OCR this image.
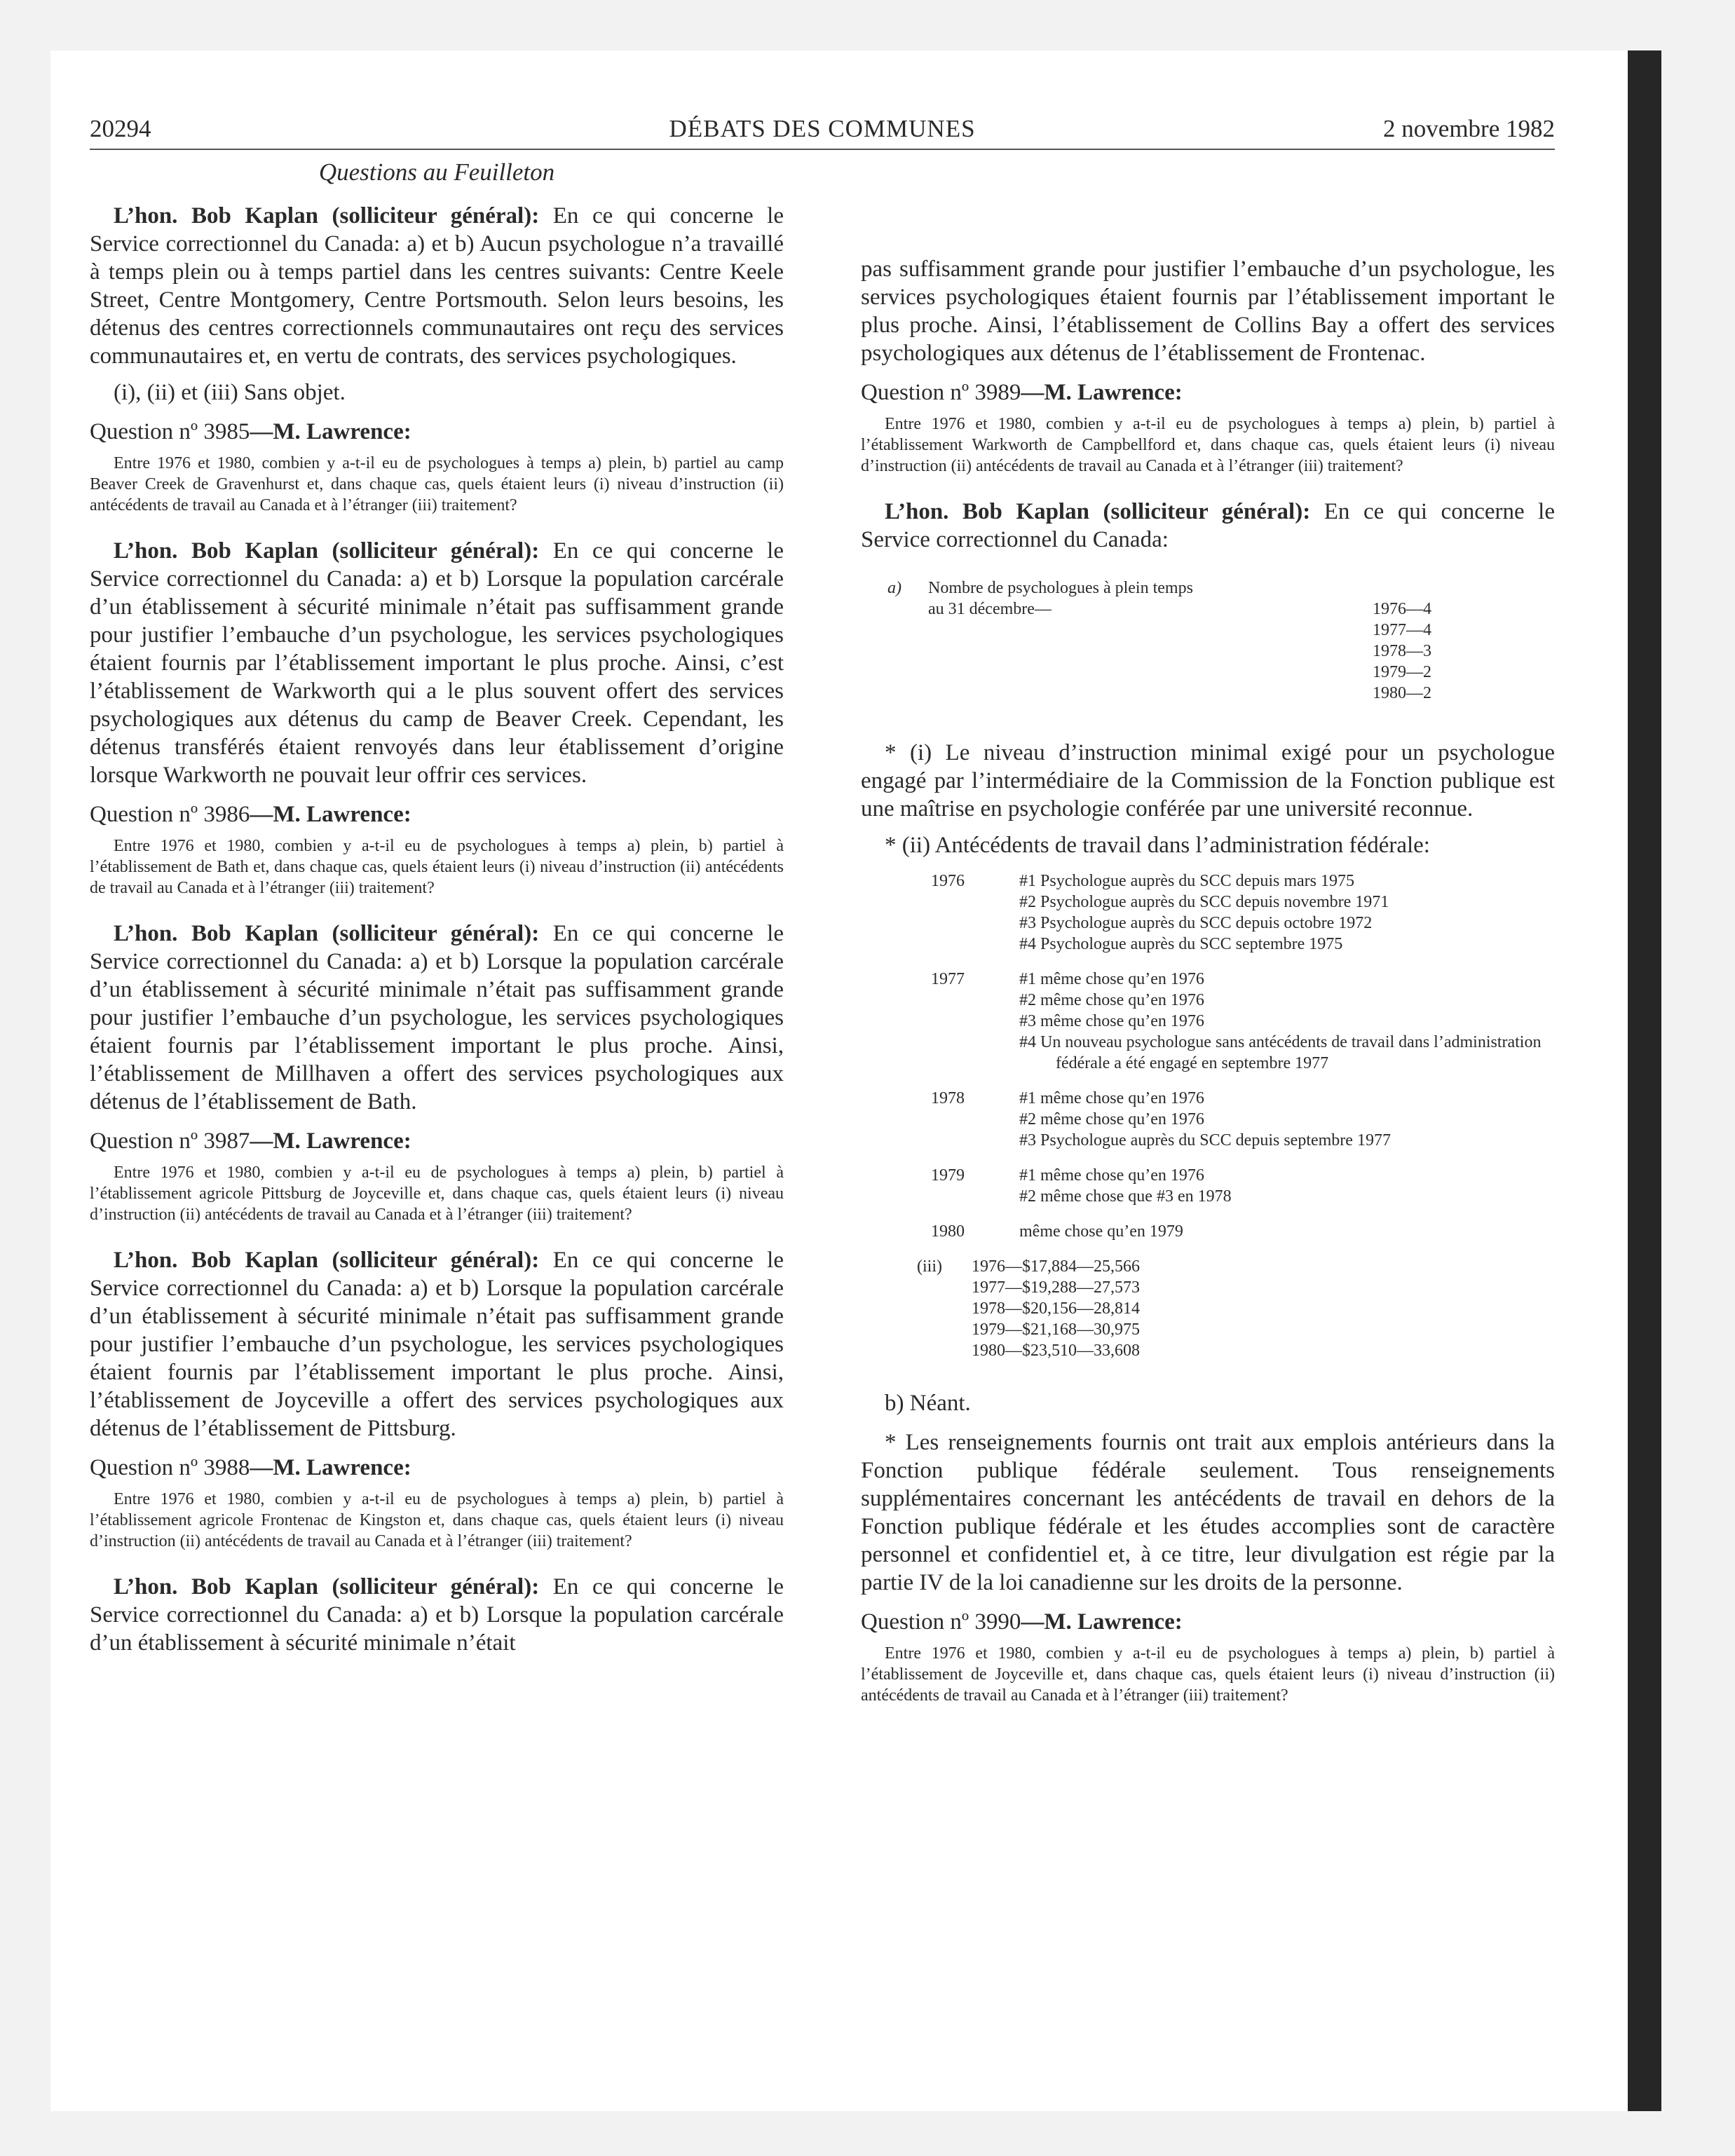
20294	DÉBATS DES COMMUNES	2 novembre 1982
Questions au Feuilleton

L’hon. Bob Kaplan (solliciteur général): En ce qui concerne le Service correctionnel du Canada: a) et b) Aucun psychologue n’a travaillé à temps plein ou à temps partiel dans les centres suivants: Centre Keele Street, Centre Montgomery, Centre Portsmouth. Selon leurs besoins, les détenus des centres correctionnels communautaires ont reçu des services communautaires et, en vertu de contrats, des services psychologiques.

(i), (ii) et (iii) Sans objet.

Question nº 3985—M. Lawrence:

Entre 1976 et 1980, combien y a-t-il eu de psychologues à temps a) plein, b) partiel au camp Beaver Creek de Gravenhurst et, dans chaque cas, quels étaient leurs (i) niveau d’instruction (ii) antécédents de travail au Canada et à l’étranger (iii) traitement?

L’hon. Bob Kaplan (solliciteur général): En ce qui concerne le Service correctionnel du Canada: a) et b) Lorsque la population carcérale d’un établissement à sécurité minimale n’était pas suffisamment grande pour justifier l’embauche d’un psychologue, les services psychologiques étaient fournis par l’établissement important le plus proche. Ainsi, c’est l’établissement de Warkworth qui a le plus souvent offert des services psychologiques aux détenus du camp de Beaver Creek. Cependant, les détenus transférés étaient renvoyés dans leur établissement d’origine lorsque Warkworth ne pouvait leur offrir ces services.

Question nº 3986—M. Lawrence:

Entre 1976 et 1980, combien y a-t-il eu de psychologues à temps a) plein, b) partiel à l’établissement de Bath et, dans chaque cas, quels étaient leurs (i) niveau d’instruction (ii) antécédents de travail au Canada et à l’étranger (iii) traitement?

L’hon. Bob Kaplan (solliciteur général): En ce qui concerne le Service correctionnel du Canada: a) et b) Lorsque la population carcérale d’un établissement à sécurité minimale n’était pas suffisamment grande pour justifier l’embauche d’un psychologue, les services psychologiques étaient fournis par l’établissement important le plus proche. Ainsi, l’établissement de Millhaven a offert des services psychologiques aux détenus de l’établissement de Bath.

Question nº 3987—M. Lawrence:

Entre 1976 et 1980, combien y a-t-il eu de psychologues à temps a) plein, b) partiel à l’établissement agricole Pittsburg de Joyceville et, dans chaque cas, quels étaient leurs (i) niveau d’instruction (ii) antécédents de travail au Canada et à l’étranger (iii) traitement?

L’hon. Bob Kaplan (solliciteur général): En ce qui concerne le Service correctionnel du Canada: a) et b) Lorsque la population carcérale d’un établissement à sécurité minimale n’était pas suffisamment grande pour justifier l’embauche d’un psychologue, les services psychologiques étaient fournis par l’établissement important le plus proche. Ainsi, l’établissement de Joyceville a offert des services psychologiques aux détenus de l’établissement de Pittsburg.

Question nº 3988—M. Lawrence:

Entre 1976 et 1980, combien y a-t-il eu de psychologues à temps a) plein, b) partiel à l’établissement agricole Frontenac de Kingston et, dans chaque cas, quels étaient leurs (i) niveau d’instruction (ii) antécédents de travail au Canada et à l’étranger (iii) traitement?

L’hon. Bob Kaplan (solliciteur général): En ce qui concerne le Service correctionnel du Canada: a) et b) Lorsque la population carcérale d’un établissement à sécurité minimale n’était

pas suffisamment grande pour justifier l’embauche d’un psychologue, les services psychologiques étaient fournis par l’établissement important le plus proche. Ainsi, l’établissement de Collins Bay a offert des services psychologiques aux détenus de l’établissement de Frontenac.

Question nº 3989—M. Lawrence:

Entre 1976 et 1980, combien y a-t-il eu de psychologues à temps a) plein, b) partiel à l’établissement Warkworth de Campbellford et, dans chaque cas, quels étaient leurs (i) niveau d’instruction (ii) antécédents de travail au Canada et à l’étranger (iii) traitement?

L’hon. Bob Kaplan (solliciteur général): En ce qui concerne le Service correctionnel du Canada:

a) Nombre de psychologues à plein temps
au 31 décembre—	1976—4
1977—4
1978—3
1979—2
1980—2

* (i) Le niveau d’instruction minimal exigé pour un psychologue engagé par l’intermédiaire de la Commission de la Fonction publique est une maîtrise en psychologie conférée par une université reconnue.

* (ii) Antécédents de travail dans l’administration fédérale:

1976	#1 Psychologue auprès du SCC depuis mars 1975
#2 Psychologue auprès du SCC depuis novembre 1971
#3 Psychologue auprès du SCC depuis octobre 1972
#4 Psychologue auprès du SCC septembre 1975
1977	#1 même chose qu’en 1976
#2 même chose qu’en 1976
#3 même chose qu’en 1976
#4 Un nouveau psychologue sans antécédents de travail dans l’administration fédérale a été engagé en septembre 1977
1978	#1 même chose qu’en 1976
#2 même chose qu’en 1976
#3 Psychologue auprès du SCC depuis septembre 1977
1979	#1 même chose qu’en 1976
#2 même chose que #3 en 1978
1980	même chose qu’en 1979
(iii) 1976—$17,884—25,566
1977—$19,288—27,573
1978—$20,156—28,814
1979—$21,168—30,975
1980—$23,510—33,608

b) Néant.

* Les renseignements fournis ont trait aux emplois antérieurs dans la Fonction publique fédérale seulement. Tous renseignements supplémentaires concernant les antécédents de travail en dehors de la Fonction publique fédérale et les études accomplies sont de caractère personnel et confidentiel et, à ce titre, leur divulgation est régie par la partie IV de la loi canadienne sur les droits de la personne.

Question nº 3990—M. Lawrence:

Entre 1976 et 1980, combien y a-t-il eu de psychologues à temps a) plein, b) partiel à l’établissement de Joyceville et, dans chaque cas, quels étaient leurs (i) niveau d’instruction (ii) antécédents de travail au Canada et à l’étranger (iii) traitement?
